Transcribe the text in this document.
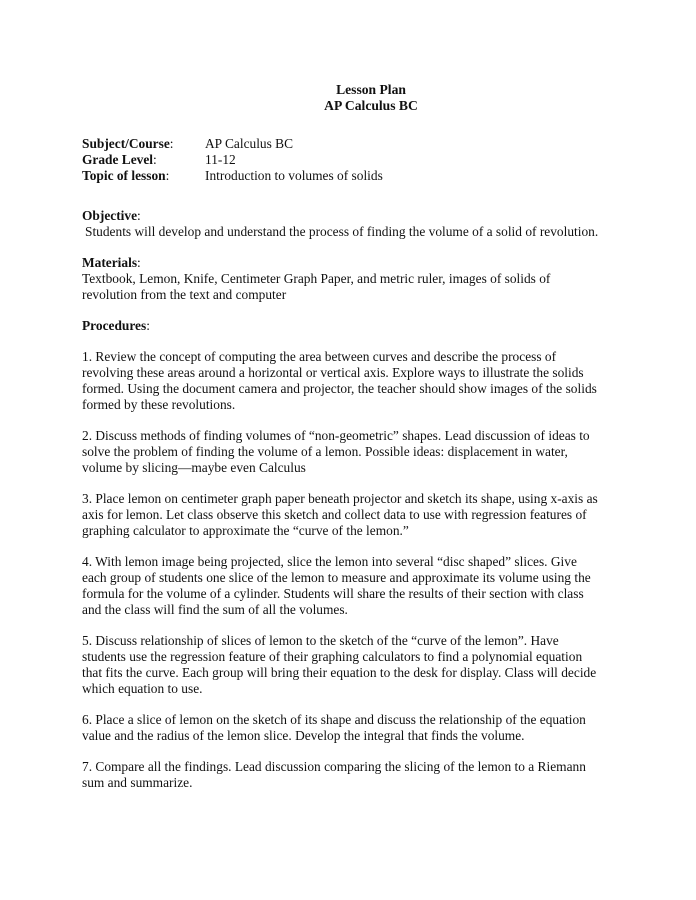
Lesson Plan
AP Calculus BC
Subject/Course:	AP Calculus BC
Grade Level:	11-12
Topic of lesson:	Introduction to volumes of solids
Objective:
Students will develop and understand the process of finding the volume of a solid of revolution.
Materials:
Textbook, Lemon, Knife, Centimeter Graph Paper, and metric ruler, images of solids of
revolution from the text and computer
Procedures:
1. Review the concept of computing the area between curves and describe the process of
revolving these areas around a horizontal or vertical axis. Explore ways to illustrate the solids
formed. Using the document camera and projector, the teacher should show images of the solids
formed by these revolutions.
2. Discuss methods of finding volumes of “non-geometric” shapes. Lead discussion of ideas to
solve the problem of finding the volume of a lemon. Possible ideas: displacement in water,
volume by slicing—maybe even Calculus
3. Place lemon on centimeter graph paper beneath projector and sketch its shape, using x-axis as
axis for lemon. Let class observe this sketch and collect data to use with regression features of
graphing calculator to approximate the “curve of the lemon.”
4. With lemon image being projected, slice the lemon into several “disc shaped” slices. Give
each group of students one slice of the lemon to measure and approximate its volume using the
formula for the volume of a cylinder. Students will share the results of their section with class
and the class will find the sum of all the volumes.
5. Discuss relationship of slices of lemon to the sketch of the “curve of the lemon”. Have
students use the regression feature of their graphing calculators to find a polynomial equation
that fits the curve. Each group will bring their equation to the desk for display. Class will decide
which equation to use.
6. Place a slice of lemon on the sketch of its shape and discuss the relationship of the equation
value and the radius of the lemon slice. Develop the integral that finds the volume.
7. Compare all the findings. Lead discussion comparing the slicing of the lemon to a Riemann
sum and summarize.
